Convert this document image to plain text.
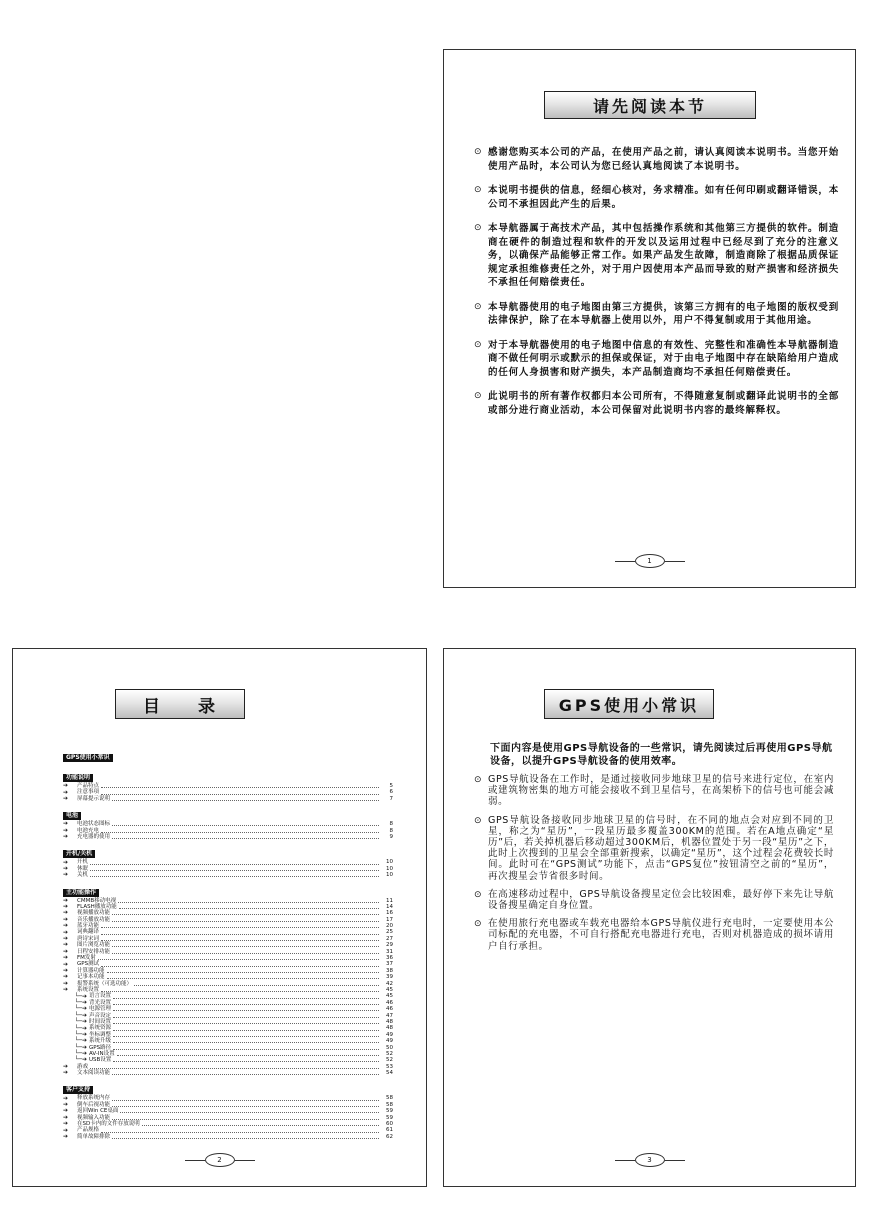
请先阅读本节
⊙ 感谢您购买本公司的产品，在使用产品之前，请认真阅读本说明书。当您开始使用产品时，本公司认为您已经认真地阅读了本说明书。
⊙ 本说明书提供的信息，经细心核对，务求精准。如有任何印刷或翻译错误，本公司不承担因此产生的后果。
⊙ 本导航器属于高技术产品，其中包括操作系统和其他第三方提供的软件。制造商在硬件的制造过程和软件的开发以及运用过程中已经尽到了充分的注意义务，以确保产品能够正常工作。如果产品发生故障，制造商除了根据品质保证规定承担维修责任之外，对于用户因使用本产品而导致的财产损害和经济损失不承担任何赔偿责任。
⊙ 本导航器使用的电子地图由第三方提供，该第三方拥有的电子地图的版权受到法律保护，除了在本导航器上使用以外，用户不得复制或用于其他用途。
⊙ 对于本导航器使用的电子地图中信息的有效性、完整性和准确性本导航器制造商不做任何明示或默示的担保或保证，对于由电子地图中存在缺陷给用户造成的任何人身损害和财产损失，本产品制造商均不承担任何赔偿责任。
⊙ 此说明书的所有著作权都归本公司所有，不得随意复制或翻译此说明书的全部或部分进行商业活动，本公司保留对此说明书内容的最终解释权。
1
目 录
GPS使用小常识
功能说明
➔	产品特点	5
➔	注意事项	6
➔	屏幕提示说明	7
电池
➔	电池状态图标	8
➔	电池充电	8
➔	充电器的使用	9
开机/关机
➔	开机	10
➔	休眠	10
➔	关机	10
主功能操作
➔	CMMB移动电视	11
➔	FLASH播放功能	14
➔	视频播放功能	16
➔	音乐播放功能	17
➔	蓝牙功能	20
➔	词典翻译	25
➔	唐诗宋词	27
➔	图片浏览功能	29
➔	日程安排功能	31
➔	FM发射	36
➔	GPS测试	37
➔	计算器功能	38
➔	记事本功能	39
➔	报警系统（可选功能）	42
➔	系统设置	45
└─➔ 语言设置	45
└─➔ 背光设置	46
└─➔ 电源管理	46
└─➔ 声音设定	47
└─➔ 时间设置	48
└─➔ 系统资源	48
└─➔ 坐标调整	49
└─➔ 系统升级	49
└─➔ GPS路径	50
└─➔ AV-IN设置	52
└─➔ USB设置	52
➔	游戏	53
➔	文本阅读功能	54
客户支持
➔	释放系统内存	58
➔	倒车后视功能	58
➔	返回Win CE桌面	59
➔	视频输入功能	59
➔	在SD卡内的文件存放说明	60
➔	产品规格	61
➔	简单故障排除	62
2
GPS使用小常识
下面内容是使用GPS导航设备的一些常识，请先阅读过后再使用GPS导航设备，以提升GPS导航设备的使用效率。
⊙ GPS导航设备在工作时，是通过接收同步地球卫星的信号来进行定位，在室内或建筑物密集的地方可能会接收不到卫星信号，在高架桥下的信号也可能会减弱。
⊙ GPS导航设备接收同步地球卫星的信号时，在不同的地点会对应到不同的卫星，称之为“星历”，一段星历最多覆盖300KM的范围。若在A地点确定“星历”后，若关掉机器后移动超过300KM后，机器位置处于另一段“星历”之下，此时上次搜到的卫星会全部重新搜索，以确定“星历”，这个过程会花费较长时间。此时可在“GPS测试”功能下，点击“GPS复位”按钮清空之前的“星历”，再次搜星会节省很多时间。
⊙ 在高速移动过程中，GPS导航设备搜星定位会比较困难，最好停下来先让导航设备搜星确定自身位置。
⊙ 在使用旅行充电器或车载充电器给本GPS导航仪进行充电时，一定要使用本公司标配的充电器，不可自行搭配充电器进行充电，否则对机器造成的损坏请用户自行承担。
3
